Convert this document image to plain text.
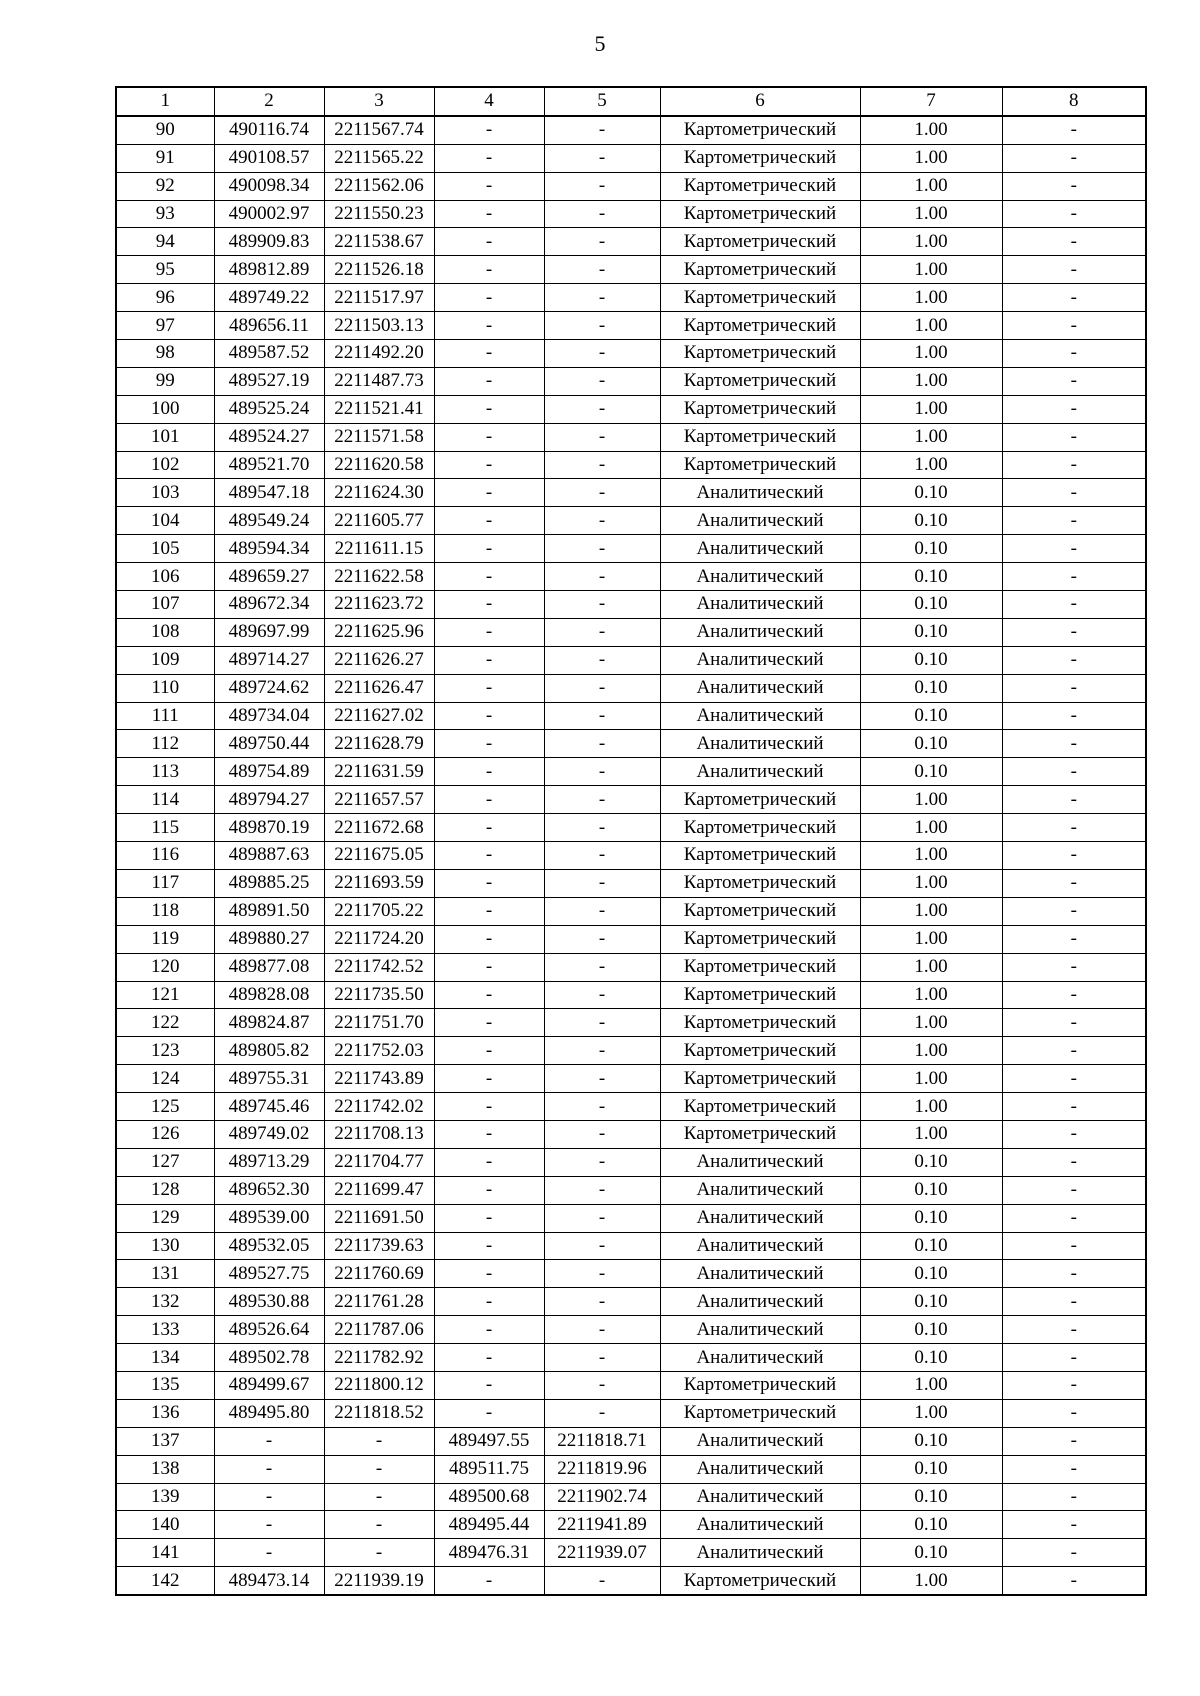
5
1	2	3	4	5	6	7	8
90	490116.74	2211567.74	-	-	Картометрический	1.00	-
91	490108.57	2211565.22	-	-	Картометрический	1.00	-
92	490098.34	2211562.06	-	-	Картометрический	1.00	-
93	490002.97	2211550.23	-	-	Картометрический	1.00	-
94	489909.83	2211538.67	-	-	Картометрический	1.00	-
95	489812.89	2211526.18	-	-	Картометрический	1.00	-
96	489749.22	2211517.97	-	-	Картометрический	1.00	-
97	489656.11	2211503.13	-	-	Картометрический	1.00	-
98	489587.52	2211492.20	-	-	Картометрический	1.00	-
99	489527.19	2211487.73	-	-	Картометрический	1.00	-
100	489525.24	2211521.41	-	-	Картометрический	1.00	-
101	489524.27	2211571.58	-	-	Картометрический	1.00	-
102	489521.70	2211620.58	-	-	Картометрический	1.00	-
103	489547.18	2211624.30	-	-	Аналитический	0.10	-
104	489549.24	2211605.77	-	-	Аналитический	0.10	-
105	489594.34	2211611.15	-	-	Аналитический	0.10	-
106	489659.27	2211622.58	-	-	Аналитический	0.10	-
107	489672.34	2211623.72	-	-	Аналитический	0.10	-
108	489697.99	2211625.96	-	-	Аналитический	0.10	-
109	489714.27	2211626.27	-	-	Аналитический	0.10	-
110	489724.62	2211626.47	-	-	Аналитический	0.10	-
111	489734.04	2211627.02	-	-	Аналитический	0.10	-
112	489750.44	2211628.79	-	-	Аналитический	0.10	-
113	489754.89	2211631.59	-	-	Аналитический	0.10	-
114	489794.27	2211657.57	-	-	Картометрический	1.00	-
115	489870.19	2211672.68	-	-	Картометрический	1.00	-
116	489887.63	2211675.05	-	-	Картометрический	1.00	-
117	489885.25	2211693.59	-	-	Картометрический	1.00	-
118	489891.50	2211705.22	-	-	Картометрический	1.00	-
119	489880.27	2211724.20	-	-	Картометрический	1.00	-
120	489877.08	2211742.52	-	-	Картометрический	1.00	-
121	489828.08	2211735.50	-	-	Картометрический	1.00	-
122	489824.87	2211751.70	-	-	Картометрический	1.00	-
123	489805.82	2211752.03	-	-	Картометрический	1.00	-
124	489755.31	2211743.89	-	-	Картометрический	1.00	-
125	489745.46	2211742.02	-	-	Картометрический	1.00	-
126	489749.02	2211708.13	-	-	Картометрический	1.00	-
127	489713.29	2211704.77	-	-	Аналитический	0.10	-
128	489652.30	2211699.47	-	-	Аналитический	0.10	-
129	489539.00	2211691.50	-	-	Аналитический	0.10	-
130	489532.05	2211739.63	-	-	Аналитический	0.10	-
131	489527.75	2211760.69	-	-	Аналитический	0.10	-
132	489530.88	2211761.28	-	-	Аналитический	0.10	-
133	489526.64	2211787.06	-	-	Аналитический	0.10	-
134	489502.78	2211782.92	-	-	Аналитический	0.10	-
135	489499.67	2211800.12	-	-	Картометрический	1.00	-
136	489495.80	2211818.52	-	-	Картометрический	1.00	-
137	-	-	489497.55	2211818.71	Аналитический	0.10	-
138	-	-	489511.75	2211819.96	Аналитический	0.10	-
139	-	-	489500.68	2211902.74	Аналитический	0.10	-
140	-	-	489495.44	2211941.89	Аналитический	0.10	-
141	-	-	489476.31	2211939.07	Аналитический	0.10	-
142	489473.14	2211939.19	-	-	Картометрический	1.00	-
